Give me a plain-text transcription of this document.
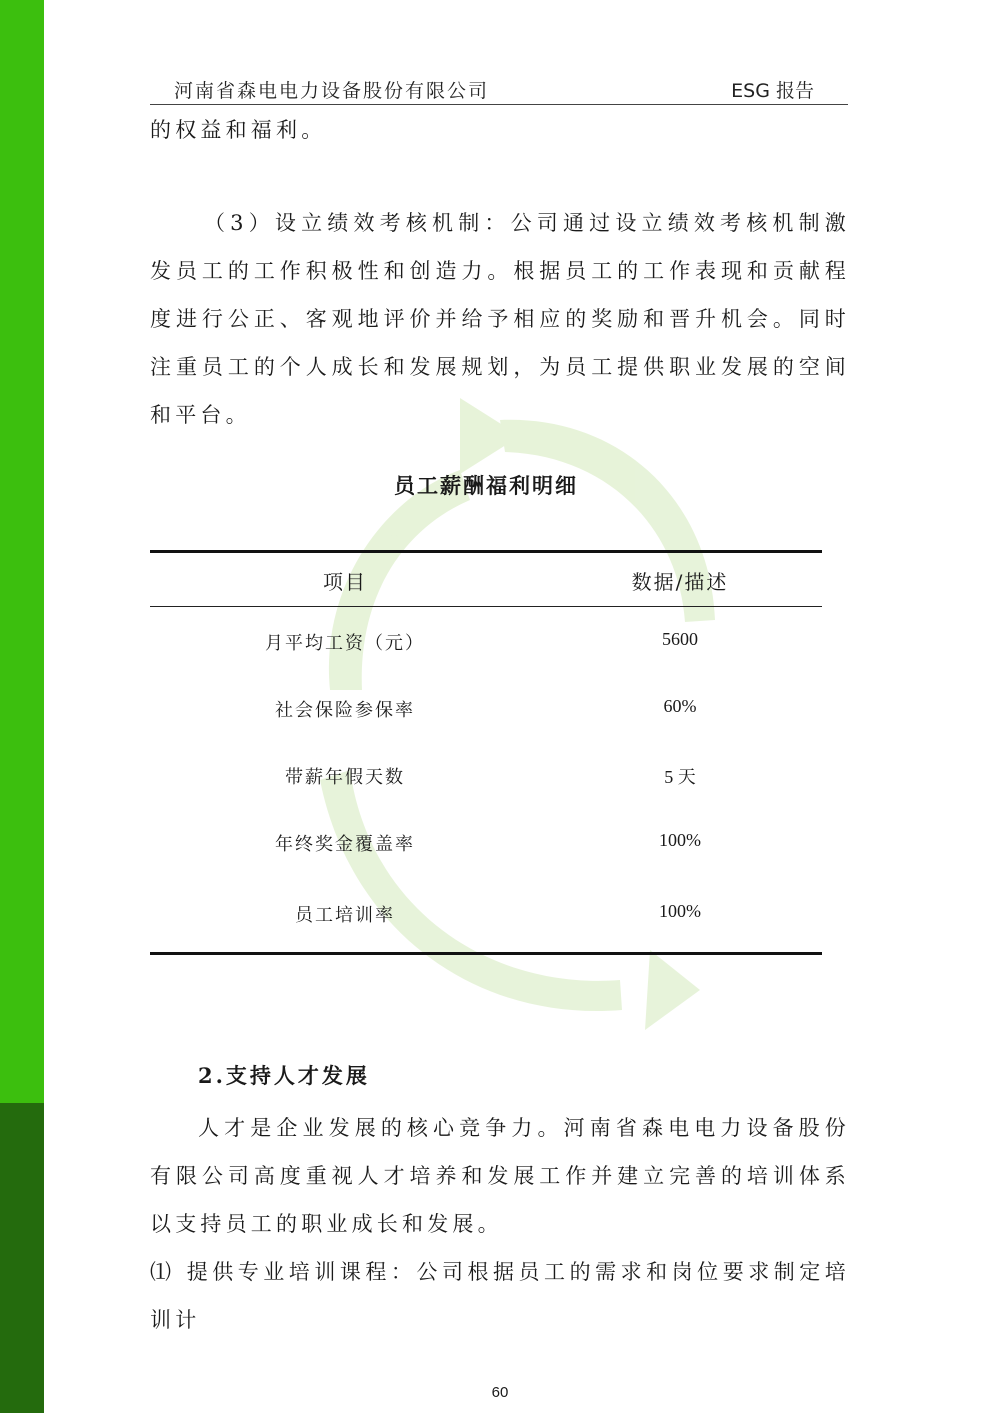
河南省森电电力设备股份有限公司	ESG 报告

的权益和福利。

（3）设立绩效考核机制：公司通过设立绩效考核机制激发员工的工作积极性和创造力。根据员工的工作表现和贡献程度进行公正、客观地评价并给予相应的奖励和晋升机会。同时注重员工的个人成长和发展规划，为员工提供职业发展的空间和平台。

员工薪酬福利明细
项目	数据/描述
月平均工资（元）	5600
社会保险参保率	60%
带薪年假天数	5 天
年终奖金覆盖率	100%
员工培训率	100%
2.支持人才发展

人才是企业发展的核心竞争力。河南省森电电力设备股份有限公司高度重视人才培养和发展工作并建立完善的培训体系以支持员工的职业成长和发展。

⑴ 提供专业培训课程：公司根据员工的需求和岗位要求制定培训计

60
